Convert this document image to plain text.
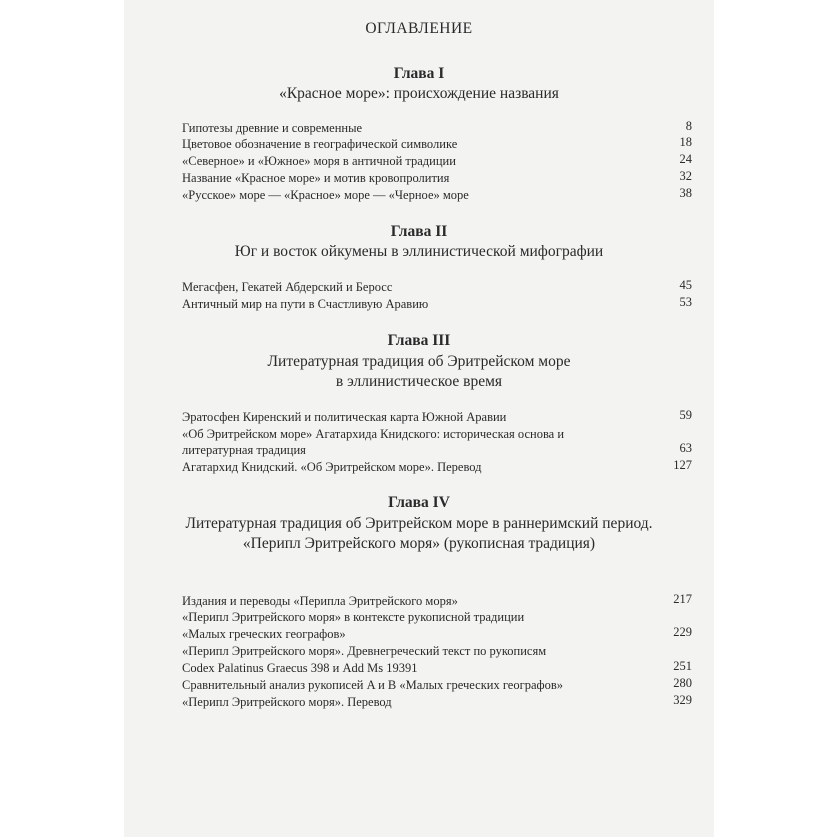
ОГЛАВЛЕНИЕ
Глава I
«Красное море»: происхождение названия
Гипотезы древние и современные	8
Цветовое обозначение в географической символике	18
«Северное» и «Южное» моря в античной традиции	24
Название «Красное море» и мотив кровопролития	32
«Русское» море — «Красное» море — «Черное» море	38
Глава II
Юг и восток ойкумены в эллинистической мифографии
Мегасфен, Гекатей Абдерский и Беросс	45
Античный мир на пути в Счастливую Аравию	53
Глава III
Литературная традиция об Эритрейском море
в эллинистическое время
Эратосфен Киренский и политическая карта Южной Аравии	59
«Об Эритрейском море» Агатархида Книдского: историческая основа и
литературная традиция	63
Агатархид Книдский. «Об Эритрейском море». Перевод	127
Глава IV
Литературная традиция об Эритрейском море в раннеримский период.
«Перипл Эритрейского моря» (рукописная традиция)
Издания и переводы «Перипла Эритрейского моря»	217
«Перипл Эритрейского моря» в контексте рукописной традиции
«Малых греческих географов»	229
«Перипл Эритрейского моря». Древнегреческий текст по рукописям
Codex Palatinus Graecus 398 и Add Ms 19391	251
Сравнительный анализ рукописей A и B «Малых греческих географов»	280
«Перипл Эритрейского моря». Перевод	329
